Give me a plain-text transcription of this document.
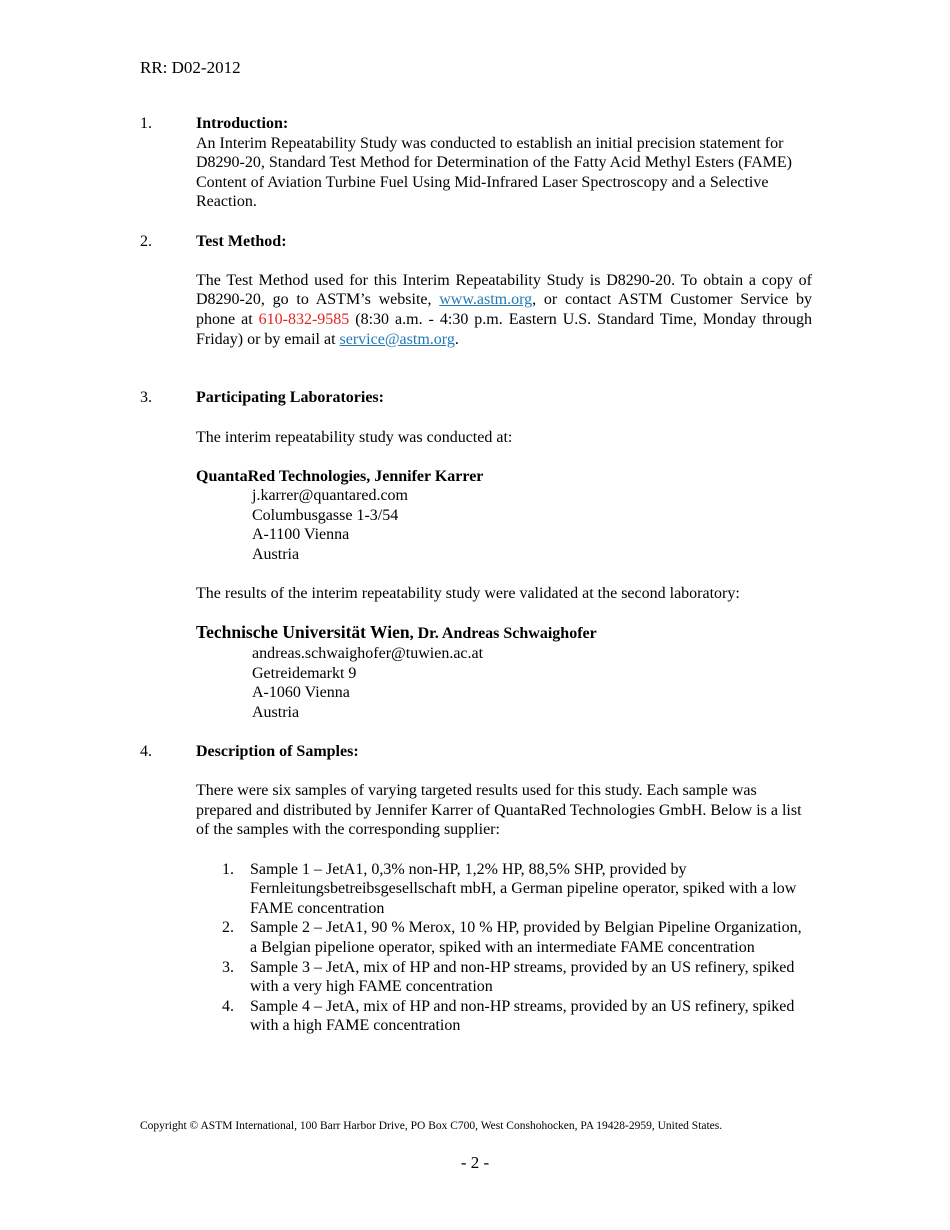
RR: D02-2012
1.	Introduction:

An Interim Repeatability Study was conducted to establish an initial precision statement for D8290-20, Standard Test Method for Determination of the Fatty Acid Methyl Esters (FAME) Content of Aviation Turbine Fuel Using Mid-Infrared Laser Spectroscopy and a Selective Reaction.

2.	Test Method:

The Test Method used for this Interim Repeatability Study is D8290-20. To obtain a copy of D8290-20, go to ASTM’s website, www.astm.org, or contact ASTM Customer Service by phone at 610-832-9585 (8:30 a.m. - 4:30 p.m. Eastern U.S. Standard Time, Monday through Friday) or by email at service@astm.org.

3.	Participating Laboratories:

The interim repeatability study was conducted at:

QuantaRed Technologies, Jennifer Karrer

j.karrer@quantared.com

Columbusgasse 1-3/54

A-1100 Vienna

Austria

The results of the interim repeatability study were validated at the second laboratory:

Technische Universität Wien, Dr. Andreas Schwaighofer

andreas.schwaighofer@tuwien.ac.at

Getreidemarkt 9

A-1060 Vienna

Austria

4.	Description of Samples:

There were six samples of varying targeted results used for this study. Each sample was prepared and distributed by Jennifer Karrer of QuantaRed Technologies GmbH. Below is a list of the samples with the corresponding supplier:

1. Sample 1 – JetA1, 0,3% non-HP, 1,2% HP, 88,5% SHP, provided by Fernleitungsbetreibsgesellschaft mbH, a German pipeline operator, spiked with a low FAME concentration
2. Sample 2 – JetA1, 90 % Merox, 10 % HP, provided by Belgian Pipeline Organization, a Belgian pipelione operator, spiked with an intermediate FAME concentration
3. Sample 3 – JetA, mix of HP and non-HP streams, provided by an US refinery, spiked with a very high FAME concentration
4. Sample 4 – JetA, mix of HP and non-HP streams, provided by an US refinery, spiked with a high FAME concentration
Copyright © ASTM International, 100 Barr Harbor Drive, PO Box C700, West Conshohocken, PA 19428-2959, United States.
- 2 -
